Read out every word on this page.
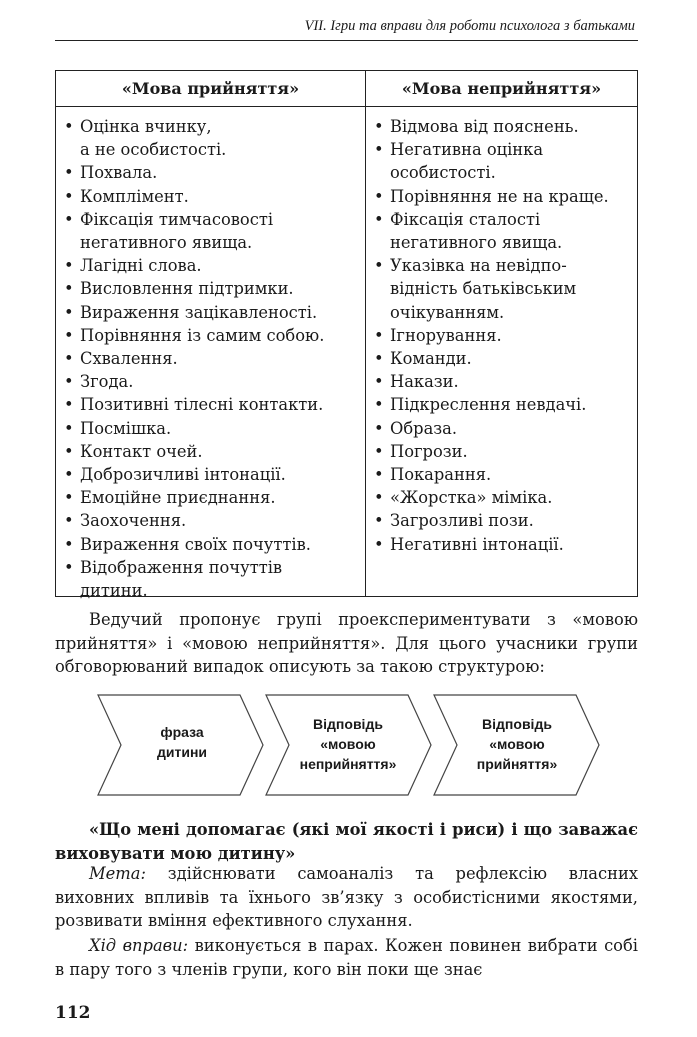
VII. Ігри та вправи для роботи психолога з батьками
«Мова прийняття»
• Оцінка вчинку,
а не особистості.
• Похвала.
• Комплімент.
• Фіксація тимчасовості
негативного явища.
• Лагідні слова.
• Висловлення підтримки.
• Вираження зацікавленості.
• Порівняння із самим собою.
• Схвалення.
• Згода.
• Позитивні тілесні контакти.
• Посмішка.
• Контакт очей.
• Доброзичливі інтонації.
• Емоційне приєднання.
• Заохочення.
• Вираження своїх почуттів.
• Відображення почуттів
дитини.
«Мова неприйняття»
• Відмова від пояснень.
• Негативна оцінка
особистості.
• Порівняння не на краще.
• Фіксація сталості
негативного явища.
• Указівка на невідпо-
відність батьківським
очікуванням.
• Ігнорування.
• Команди.
• Накази.
• Підкреслення невдачі.
• Образа.
• Погрози.
• Покарання.
• «Жорстка» міміка.
• Загрозливі пози.
• Негативні інтонації.

Ведучий пропонує групі проекспериментувати з «мовою прийняття» і «мовою неприйняття». Для цього учасники групи обговорюваний випадок описують за такою структурою:

фраза
дитини
Відповідь
«мовою
неприйняття»
Відповідь
«мовою
прийняття»

«Що мені допомагає (які мої якості і риси) і що заважає виховувати мою дитину»

Мета: здійснювати самоаналіз та рефлексію власних виховних впливів та їхнього зв’язку з особистісними якостями, розвивати вміння ефективного слухання.

Хід вправи: виконується в парах. Кожен повинен вибрати собі в пару того з членів групи, кого він поки ще знає

112
